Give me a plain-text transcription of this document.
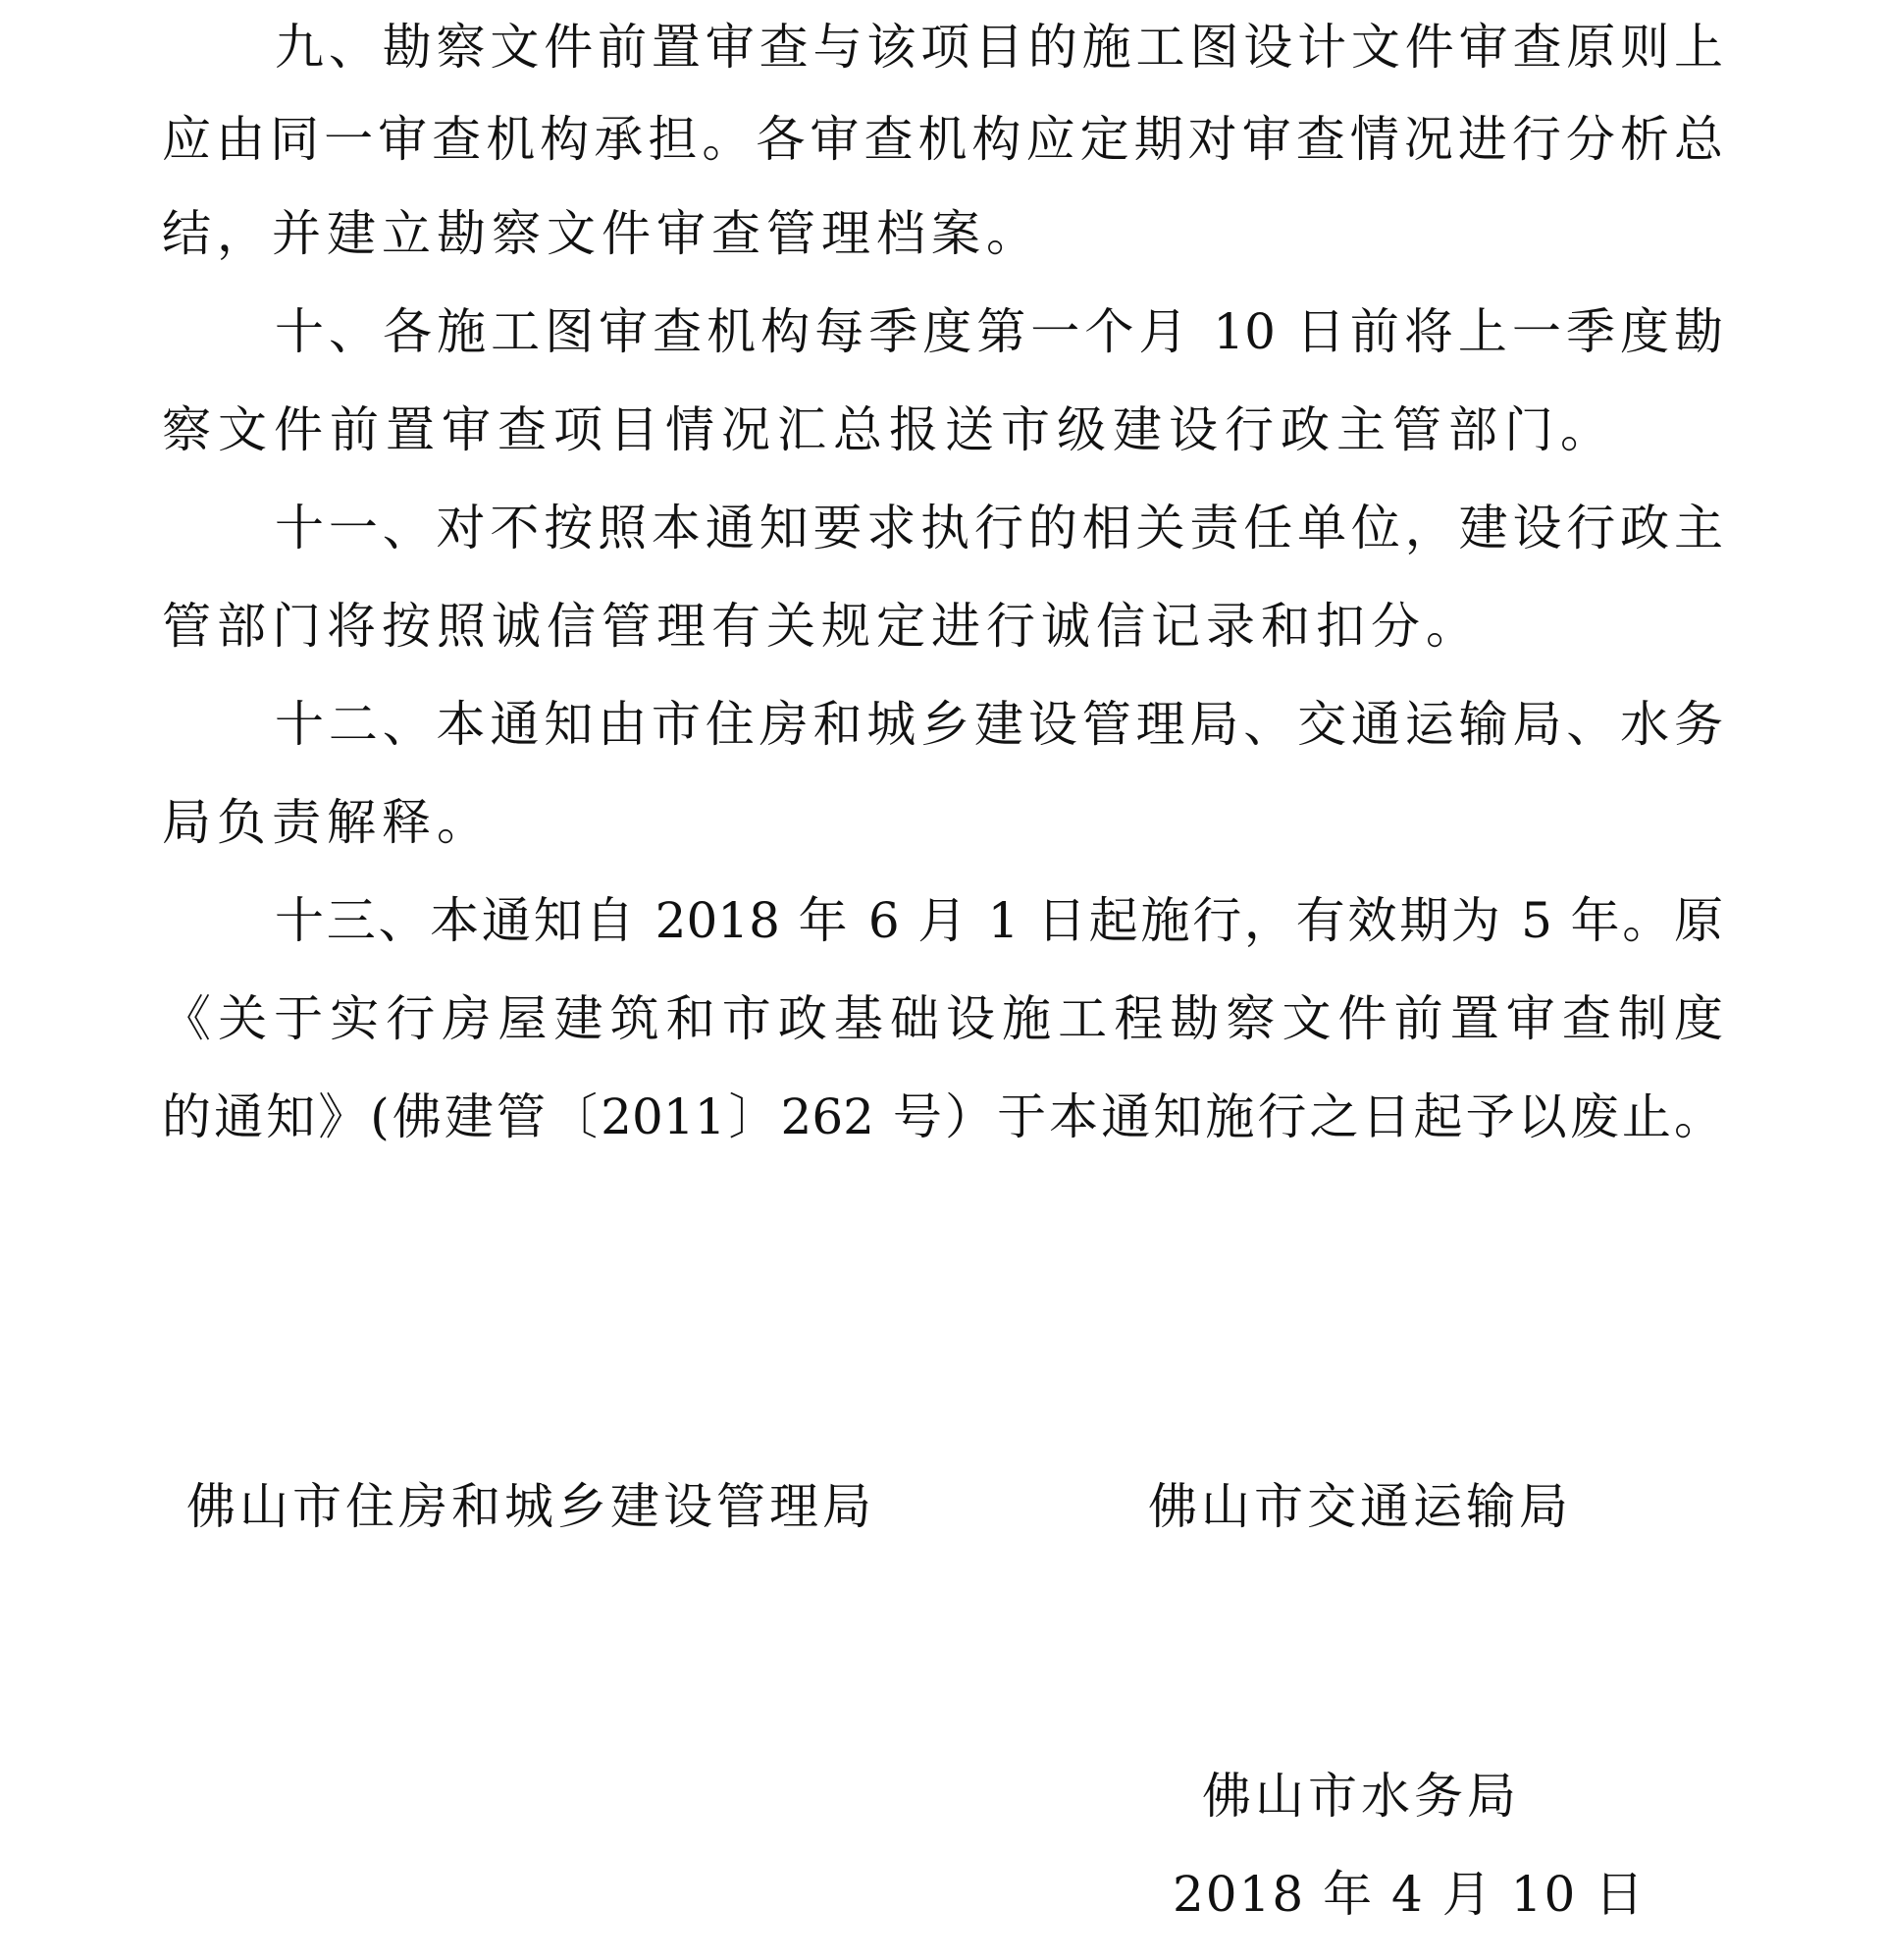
九、勘察文件前置审查与该项目的施工图设计文件审查原则上
应由同一审查机构承担。各审查机构应定期对审查情况进行分析总
结，并建立勘察文件审查管理档案。
十、各施工图审查机构每季度第一个月 10 日前将上一季度勘
察文件前置审查项目情况汇总报送市级建设行政主管部门。
十一、对不按照本通知要求执行的相关责任单位，建设行政主
管部门将按照诚信管理有关规定进行诚信记录和扣分。
十二、本通知由市住房和城乡建设管理局、交通运输局、水务
局负责解释。
十三、本通知自 2018 年 6 月 1 日起施行，有效期为 5 年。原
《关于实行房屋建筑和市政基础设施工程勘察文件前置审查制度
的通知》(佛建管〔2011〕262 号）于本通知施行之日起予以废止。
佛山市住房和城乡建设管理局	佛山市交通运输局
佛山市水务局
2018 年 4 月 10 日
